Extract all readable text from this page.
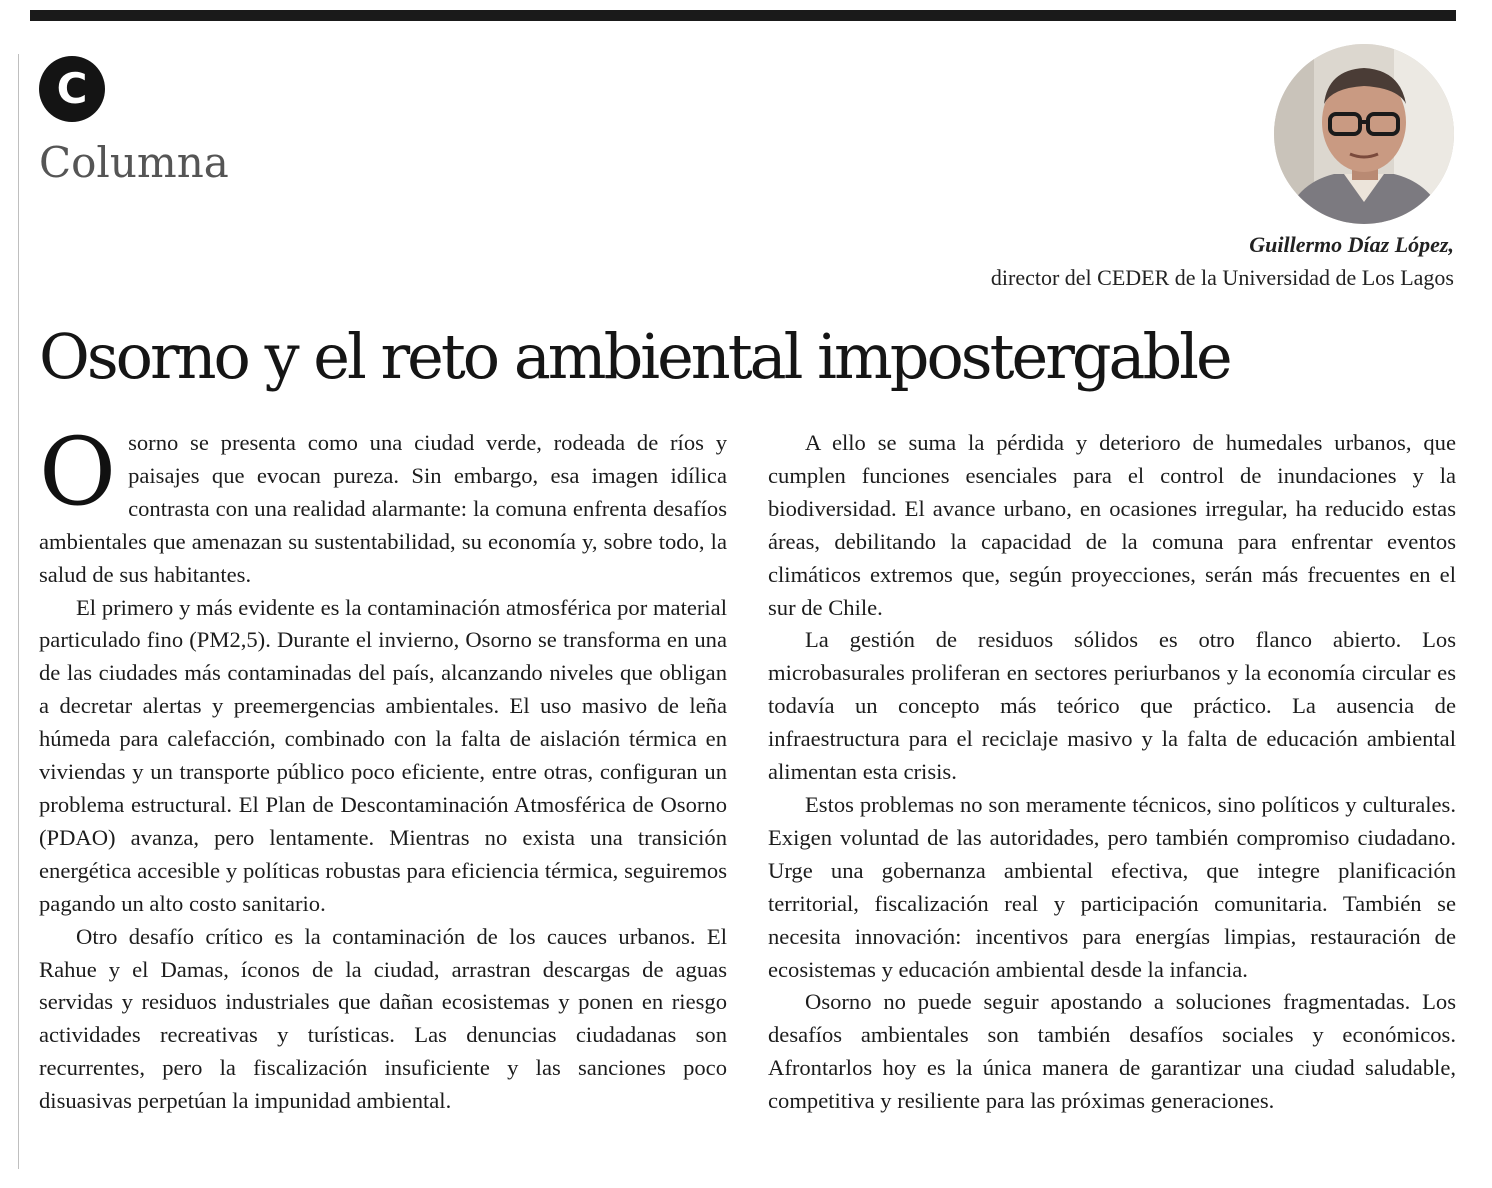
C
Columna
Guillermo Díaz López,
director del CEDER de la Universidad de Los Lagos
Osorno y el reto ambiental impostergable

Osorno se presenta como una ciudad verde, rodeada de ríos y paisajes que evocan pureza. Sin embargo, esa imagen idílica contrasta con una realidad alarmante: la comuna enfrenta desafíos ambientales que amenazan su sustentabilidad, su economía y, sobre todo, la salud de sus habitantes.

El primero y más evidente es la contaminación atmosférica por material particulado fino (PM2,5). Durante el invierno, Osorno se transforma en una de las ciudades más contaminadas del país, alcanzando niveles que obligan a decretar alertas y preemergencias ambientales. El uso masivo de leña húmeda para calefacción, combinado con la falta de aislación térmica en viviendas y un transporte público poco eficiente, entre otras, configuran un problema estructural. El Plan de Descontaminación Atmosférica de Osorno (PDAO) avanza, pero lentamente. Mientras no exista una transición energética accesible y políticas robustas para eficiencia térmica, seguiremos pagando un alto costo sanitario.

Otro desafío crítico es la contaminación de los cauces urbanos. El Rahue y el Damas, íconos de la ciudad, arrastran descargas de aguas servidas y residuos industriales que dañan ecosistemas y ponen en riesgo actividades recreativas y turísticas. Las denuncias ciudadanas son recurrentes, pero la fiscalización insuficiente y las sanciones poco disuasivas perpetúan la impunidad ambiental.

A ello se suma la pérdida y deterioro de humedales urbanos, que cumplen funciones esenciales para el control de inundaciones y la biodiversidad. El avance urbano, en ocasiones irregular, ha reducido estas áreas, debilitando la capacidad de la comuna para enfrentar eventos climáticos extremos que, según proyecciones, serán más frecuentes en el sur de Chile.

La gestión de residuos sólidos es otro flanco abierto. Los microbasurales proliferan en sectores periurbanos y la economía circular es todavía un concepto más teórico que práctico. La ausencia de infraestructura para el reciclaje masivo y la falta de educación ambiental alimentan esta crisis.

Estos problemas no son meramente técnicos, sino políticos y culturales. Exigen voluntad de las autoridades, pero también compromiso ciudadano. Urge una gobernanza ambiental efectiva, que integre planificación territorial, fiscalización real y participación comunitaria. También se necesita innovación: incentivos para energías limpias, restauración de ecosistemas y educación ambiental desde la infancia.

Osorno no puede seguir apostando a soluciones fragmentadas. Los desafíos ambientales son también desafíos sociales y económicos. Afrontarlos hoy es la única manera de garantizar una ciudad saludable, competitiva y resiliente para las próximas generaciones.
